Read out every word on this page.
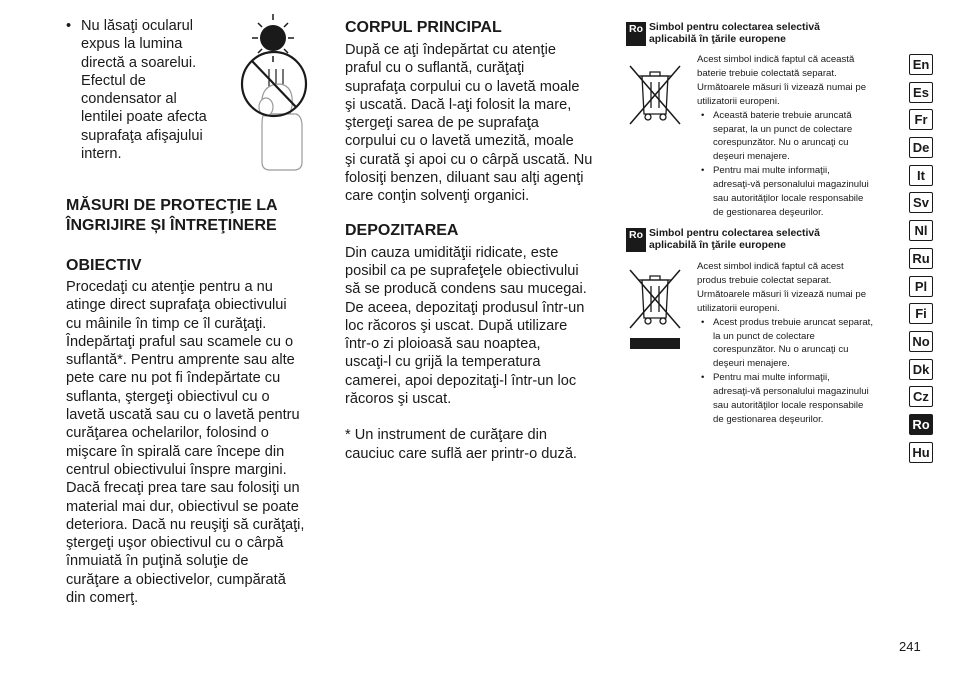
• Nu lăsaţi ocularul
expus la lumina
directă a soarelui.
Efectul de
condensator al
lentilei poate afecta
suprafaţa afişajului
intern.

MĂSURI DE PROTECŢIE LA
ÎNGRIJIRE ȘI ÎNTREŢINERE

OBIECTIV

Procedaţi cu atenţie pentru a nu
atinge direct suprafaţa obiectivului
cu mâinile în timp ce îl curăţaţi.
Îndepărtaţi praful sau scamele cu o
suflantă*. Pentru amprente sau alte
pete care nu pot fi îndepărtate cu
suflanta, ştergeţi obiectivul cu o
lavetă uscată sau cu o lavetă pentru
curăţarea ochelarilor, folosind o
mişcare în spirală care începe din
centrul obiectivului înspre margini.
Dacă frecaţi prea tare sau folosiţi un
material mai dur, obiectivul se poate
deteriora. Dacă nu reuşiţi să curăţaţi,
ştergeţi uşor obiectivul cu o cârpă
înmuiată în puţină soluţie de
curăţare a obiectivelor, cumpărată
din comerţ.

CORPUL PRINCIPAL

După ce aţi îndepărtat cu atenţie
praful cu o suflantă, curăţaţi
suprafaţa corpului cu o lavetă moale
şi uscată. Dacă l-aţi folosit la mare,
ştergeţi sarea de pe suprafaţa
corpului cu o lavetă umezită, moale
şi curată şi apoi cu o cârpă uscată. Nu
folosiţi benzen, diluant sau alţi agenţi
care conţin solvenţi organici.

DEPOZITAREA

Din cauza umidităţii ridicate, este
posibil ca pe suprafeţele obiectivului
să se producă condens sau mucegai.
De aceea, depozitaţi produsul într-un
loc răcoros şi uscat. După utilizare
într-o zi ploioasă sau noaptea,
uscaţi-l cu grijă la temperatura
camerei, apoi depozitaţi-l într-un loc
răcoros şi uscat.

* Un instrument de curăţare din
cauciuc care suflă aer printr-o duză.

Ro Simbol pentru colectarea selectivă
aplicabilă în ţările europene

Acest simbol indică faptul că această
baterie trebuie colectată separat.
Următoarele măsuri îi vizează numai pe
utilizatorii europeni.

• Această baterie trebuie aruncată
separat, la un punct de colectare
corespunzător. Nu o aruncaţi cu
deşeuri menajere.
• Pentru mai multe informaţii,
adresaţi-vă personalului magazinului
sau autorităţilor locale responsabile
de gestionarea deşeurilor.
Ro Simbol pentru colectarea selectivă
aplicabilă în ţările europene

Acest simbol indică faptul că acest
produs trebuie colectat separat.
Următoarele măsuri îi vizează numai pe
utilizatorii europeni.

• Acest produs trebuie aruncat separat,
la un punct de colectare
corespunzător. Nu o aruncaţi cu
deşeuri menajere.
• Pentru mai multe informaţii,
adresaţi-vă personalului magazinului
sau autorităţilor locale responsabile
de gestionarea deşeurilor.
En
Es
Fr
De
It
Sv
Nl
Ru
Pl
Fi
No
Dk
Cz
Ro
Hu
241
